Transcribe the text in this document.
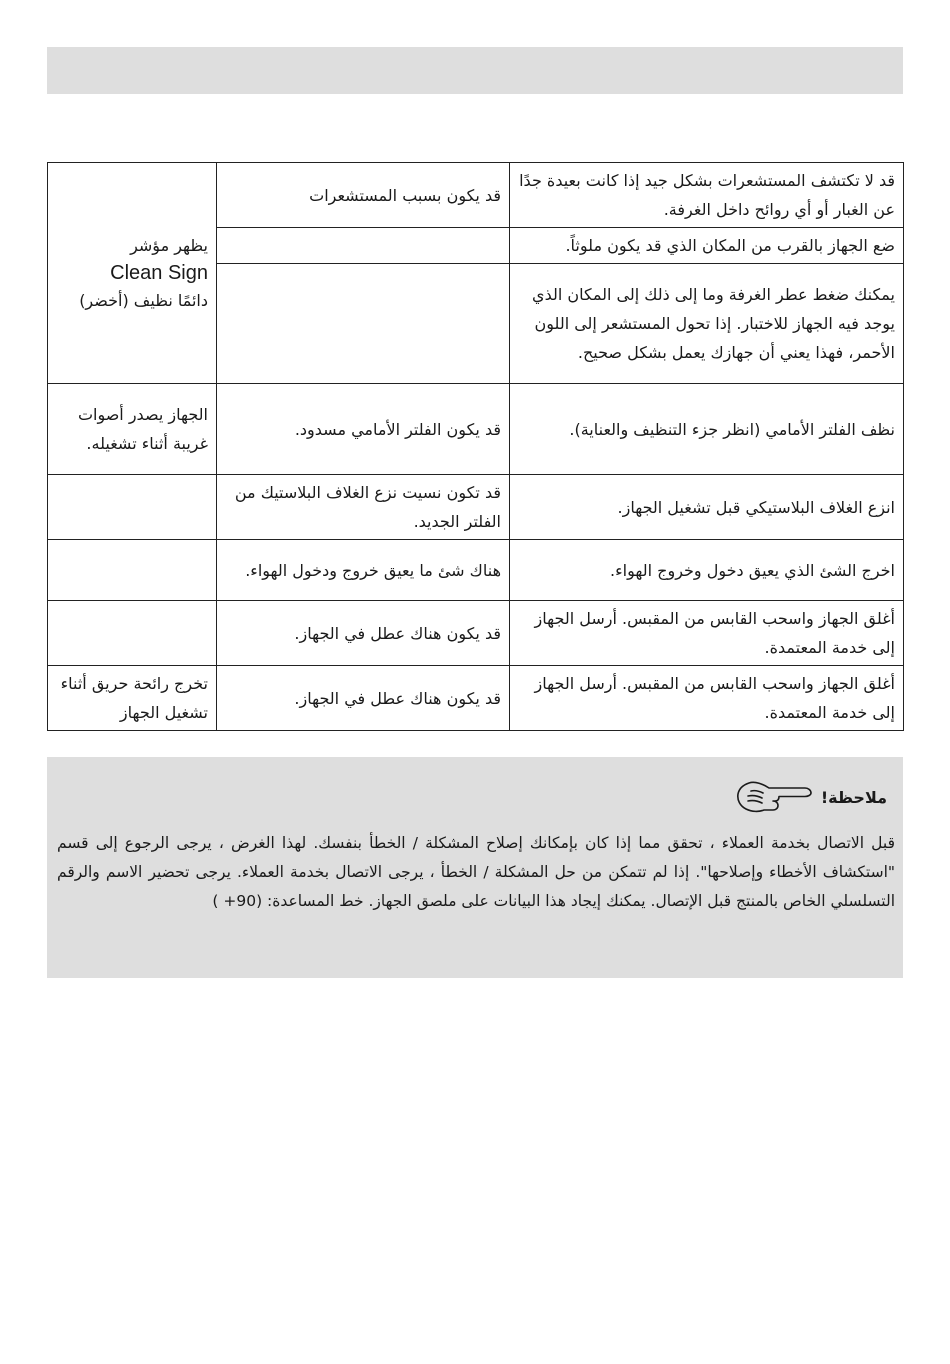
قد لا تكتشف المستشعرات بشكل جيد إذا كانت بعيدة جدًا عن الغبار أو أي روائح داخل الغرفة.	قد يكون بسبب المستشعرات	يظهر مؤشر
Clean Sign
دائمًا نظيف (أخضر)
ضع الجهاز بالقرب من المكان الذي قد يكون ملوثاً.		
يمكنك ضغط عطر الغرفة وما إلى ذلك إلى المكان الذي يوجد فيه الجهاز للاختبار. إذا تحول المستشعر إلى اللون الأحمر، فهذا يعني أن جهازك يعمل بشكل صحيح.		
نظف الفلتر الأمامي (انظر جزء التنظيف والعناية).	قد يكون الفلتر الأمامي مسدود.	الجهاز يصدر أصوات غريبة أثناء تشغيله.
انزع الغلاف البلاستيكي قبل تشغيل الجهاز.	قد تكون نسيت نزع الغلاف البلاستيك من الفلتر الجديد.	
اخرج الشئ الذي يعيق دخول وخروج الهواء.	هناك شئ ما يعيق خروج ودخول الهواء.	
أغلق الجهاز واسحب القابس من المقبس. أرسل الجهاز إلى خدمة المعتمدة.	قد يكون هناك عطل في الجهاز.	
أغلق الجهاز واسحب القابس من المقبس. أرسل الجهاز إلى خدمة المعتمدة.	قد يكون هناك عطل في الجهاز.	تخرج رائحة حريق أثناء تشغيل الجهاز
ملاحظة!
قبل الاتصال بخدمة العملاء ، تحقق مما إذا كان بإمكانك إصلاح المشكلة / الخطأ بنفسك. لهذا الغرض ، يرجى الرجوع إلى قسم "استكشاف الأخطاء وإصلاحها". إذا لم تتمكن من حل المشكلة / الخطأ ، يرجى الاتصال بخدمة العملاء. يرجى تحضير الاسم والرقم التسلسلي الخاص بالمنتج قبل الإتصال. يمكنك إيجاد هذا البيانات على ملصق الجهاز. خط المساعدة: (90+ )
